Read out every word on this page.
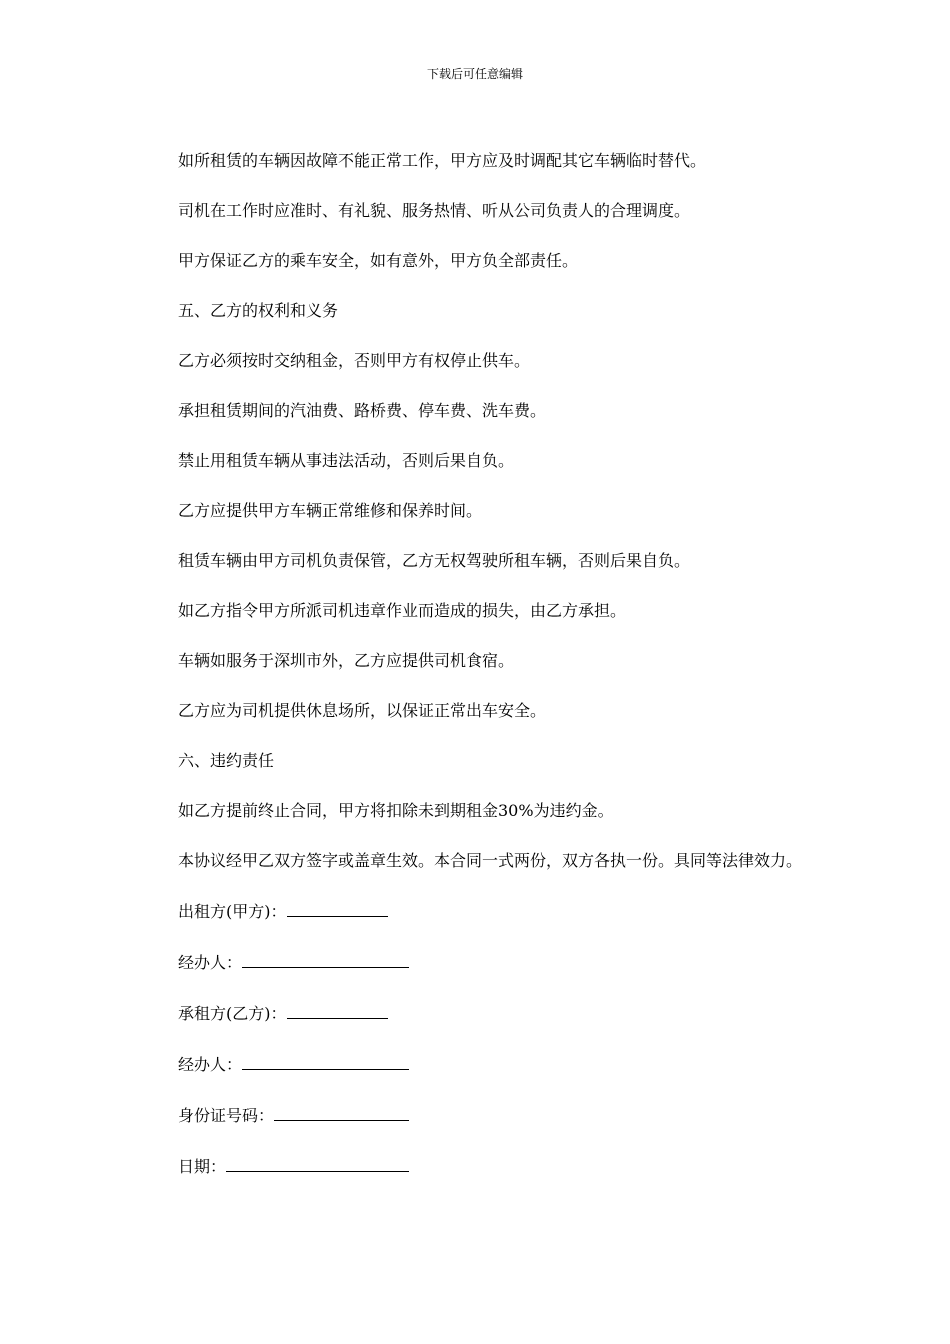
下载后可任意编辑

如所租赁的车辆因故障不能正常工作，甲方应及时调配其它车辆临时替代。

司机在工作时应准时、有礼貌、服务热情、听从公司负责人的合理调度。

甲方保证乙方的乘车安全，如有意外，甲方负全部责任。

五、乙方的权利和义务

乙方必须按时交纳租金，否则甲方有权停止供车。

承担租赁期间的汽油费、路桥费、停车费、洗车费。

禁止用租赁车辆从事违法活动，否则后果自负。

乙方应提供甲方车辆正常维修和保养时间。

租赁车辆由甲方司机负责保管，乙方无权驾驶所租车辆，否则后果自负。

如乙方指令甲方所派司机违章作业而造成的损失，由乙方承担。

车辆如服务于深圳市外，乙方应提供司机食宿。

乙方应为司机提供休息场所，以保证正常出车安全。

六、违约责任

如乙方提前终止合同，甲方将扣除未到期租金30%为违约金。

本协议经甲乙双方签字或盖章生效。本合同一式两份，双方各执一份。具同等法律效力。

出租方(甲方)：
经办人：
承租方(乙方)：
经办人：
身份证号码：
日期：
